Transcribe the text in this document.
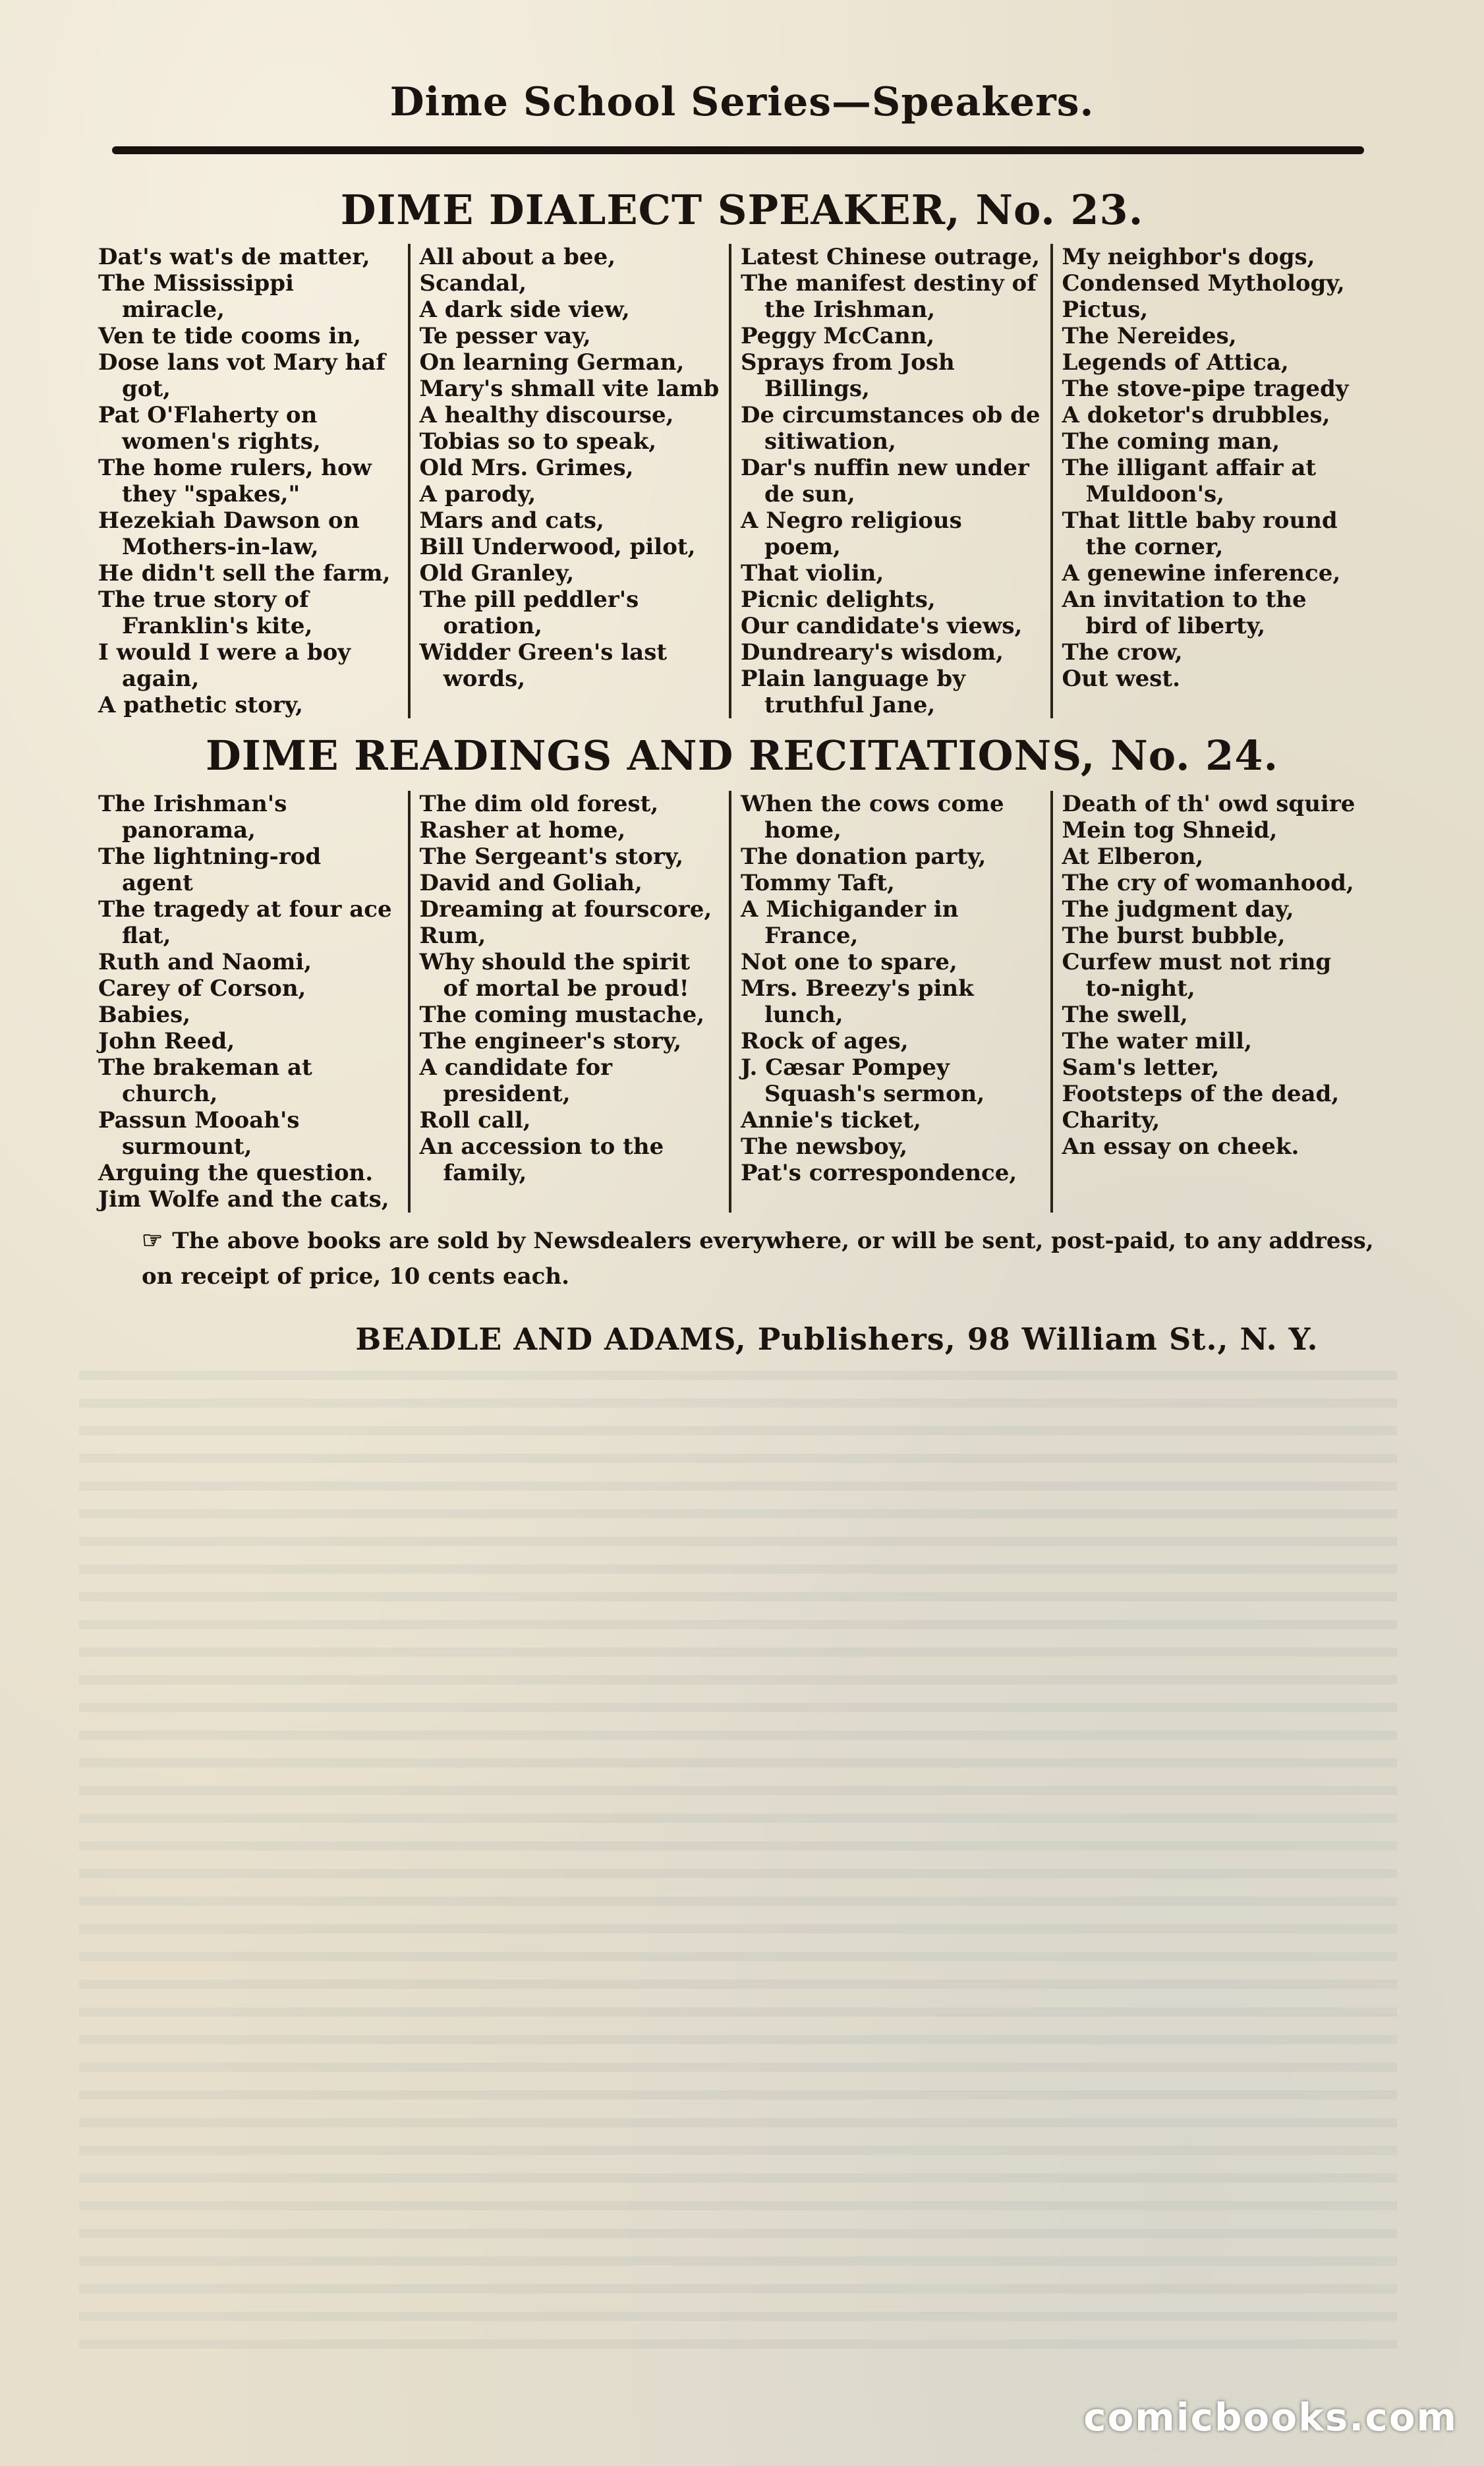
Dime School Series—Speakers.
DIME DIALECT SPEAKER, No. 23.
Dat's wat's de matter,
The Mississippi miracle,
Ven te tide cooms in,
Dose lans vot Mary haf got,
Pat O'Flaherty on women's rights,
The home rulers, how they "spakes,"
Hezekiah Dawson on Mothers-in-law,
He didn't sell the farm,
The true story of Franklin's kite,
I would I were a boy again,
A pathetic story,
All about a bee,
Scandal,
A dark side view,
Te pesser vay,
On learning German,
Mary's shmall vite lamb
A healthy discourse,
Tobias so to speak,
Old Mrs. Grimes,
A parody,
Mars and cats,
Bill Underwood, pilot,
Old Granley,
The pill peddler's oration,
Widder Green's last words,
Latest Chinese outrage,
The manifest destiny of the Irishman,
Peggy McCann,
Sprays from Josh Billings,
De circumstances ob de sitiwation,
Dar's nuffin new under de sun,
A Negro religious poem,
That violin,
Picnic delights,
Our candidate's views,
Dundreary's wisdom,
Plain language by truthful Jane,
My neighbor's dogs,
Condensed Mythology,
Pictus,
The Nereides,
Legends of Attica,
The stove-pipe tragedy
A doketor's drubbles,
The coming man,
The illigant affair at Muldoon's,
That little baby round the corner,
A genewine inference,
An invitation to the bird of liberty,
The crow,
Out west.
DIME READINGS AND RECITATIONS, No. 24.
The Irishman's panorama,
The lightning-rod agent
The tragedy at four ace flat,
Ruth and Naomi,
Carey of Corson,
Babies,
John Reed,
The brakeman at church,
Passun Mooah's surmount,
Arguing the question.
Jim Wolfe and the cats,
The dim old forest,
Rasher at home,
The Sergeant's story,
David and Goliah,
Dreaming at fourscore,
Rum,
Why should the spirit of mortal be proud!
The coming mustache,
The engineer's story,
A candidate for president,
Roll call,
An accession to the family,
When the cows come home,
The donation party,
Tommy Taft,
A Michigander in France,
Not one to spare,
Mrs. Breezy's pink lunch,
Rock of ages,
J. Cæsar Pompey Squash's sermon,
Annie's ticket,
The newsboy,
Pat's correspondence,
Death of th' owd squire
Mein tog Shneid,
At Elberon,
The cry of womanhood,
The judgment day,
The burst bubble,
Curfew must not ring to-night,
The swell,
The water mill,
Sam's letter,
Footsteps of the dead,
Charity,
An essay on cheek.
☞ The above books are sold by Newsdealers everywhere, or will be sent, post-paid, to any address, on receipt of price, 10 cents each.
BEADLE AND ADAMS, Publishers, 98 William St., N. Y.
comicbooks.com
